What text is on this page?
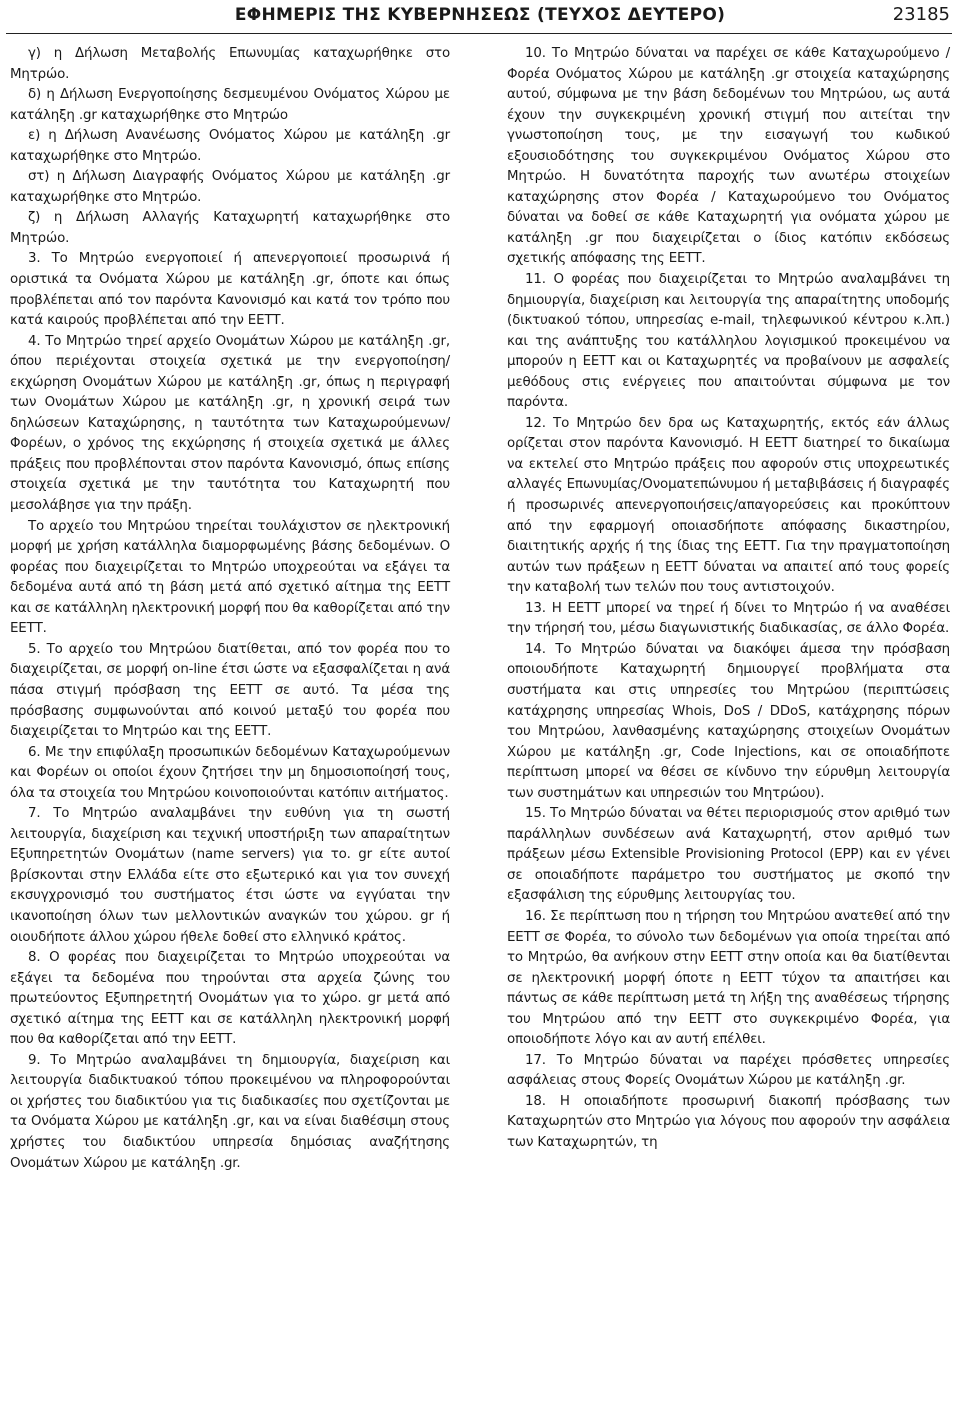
ΕΦΗΜΕΡΙΣ ΤΗΣ ΚΥΒΕΡΝΗΣΕΩΣ (ΤΕΥΧΟΣ ΔΕΥΤΕΡΟ)	23185

γ) η Δήλωση Μεταβολής Επωνυμίας καταχωρήθηκε στο Μητρώο.

δ) η Δήλωση Ενεργοποίησης δεσμευμένου Ονόματος Χώρου με κατάληξη .gr καταχωρήθηκε στο Μητρώο

ε) η Δήλωση Ανανέωσης Ονόματος Χώρου με κατάληξη .gr καταχωρήθηκε στο Μητρώο.

στ) η Δήλωση Διαγραφής Ονόματος Χώρου με κατάληξη .gr καταχωρήθηκε στο Μητρώο.

ζ) η Δήλωση Αλλαγής Καταχωρητή καταχωρήθηκε στο Μητρώο.

3. Το Μητρώο ενεργοποιεί ή απενεργοποιεί προσωρινά ή οριστικά τα Ονόματα Χώρου με κατάληξη .gr, όποτε και όπως προβλέπεται από τον παρόντα Κανονισμό και κατά τον τρόπο που κατά καιρούς προβλέπεται από την ΕΕΤΤ.

4. Το Μητρώο τηρεί αρχείο Ονομάτων Χώρου με κατάληξη .gr, όπου περιέχονται στοιχεία σχετικά με την ενεργοποίηση/εκχώρηση Ονομάτων Χώρου με κατάληξη .gr, όπως η περιγραφή των Ονομάτων Χώρου με κατάληξη .gr, η χρονική σειρά των δηλώσεων Καταχώρησης, η ταυτότητα των Καταχωρούμενων/Φορέων, ο χρόνος της εκχώρησης ή στοιχεία σχετικά με άλλες πράξεις που προβλέπονται στον παρόντα Κανονισμό, όπως επίσης στοιχεία σχετικά με την ταυτότητα του Καταχωρητή που μεσολάβησε για την πράξη.

Το αρχείο του Μητρώου τηρείται τουλάχιστον σε ηλεκτρονική μορφή με χρήση κατάλληλα διαμορφωμένης βάσης δεδομένων. Ο φορέας που διαχειρίζεται το Μητρώο υποχρεούται να εξάγει τα δεδομένα αυτά από τη βάση μετά από σχετικό αίτημα της ΕΕΤΤ και σε κατάλληλη ηλεκτρονική μορφή που θα καθορίζεται από την ΕΕΤΤ.

5. Το αρχείο του Μητρώου διατίθεται, από τον φορέα που το διαχειρίζεται, σε μορφή on-line έτσι ώστε να εξασφαλίζεται η ανά πάσα στιγμή πρόσβαση της ΕΕΤΤ σε αυτό. Τα μέσα της πρόσβασης συμφωνούνται από κοινού μεταξύ του φορέα που διαχειρίζεται το Μητρώο και της ΕΕΤΤ.

6. Με την επιφύλαξη προσωπικών δεδομένων Καταχωρούμενων και Φορέων οι οποίοι έχουν ζητήσει την μη δημοσιοποίησή τους, όλα τα στοιχεία του Μητρώου κοινοποιούνται κατόπιν αιτήματος.

7. Το Μητρώο αναλαμβάνει την ευθύνη για τη σωστή λειτουργία, διαχείριση και τεχνική υποστήριξη των απαραίτητων Εξυπηρετητών Ονομάτων (name servers) για το. gr είτε αυτοί βρίσκονται στην Ελλάδα είτε στο εξωτερικό και για τον συνεχή εκσυγχρονισμό του συστήματος έτσι ώστε να εγγύαται την ικανοποίηση όλων των μελλοντικών αναγκών του χώρου. gr ή οιουδήποτε άλλου χώρου ήθελε δοθεί στο ελληνικό κράτος.

8. Ο φορέας που διαχειρίζεται το Μητρώο υποχρεούται να εξάγει τα δεδομένα που τηρούνται στα αρχεία ζώνης του πρωτεύοντος Εξυπηρετητή Ονομάτων για το χώρο. gr μετά από σχετικό αίτημα της ΕΕΤΤ και σε κατάλληλη ηλεκτρονική μορφή που θα καθορίζεται από την ΕΕΤΤ.

9. Το Μητρώο αναλαμβάνει τη δημιουργία, διαχείριση και λειτουργία διαδικτυακού τόπου προκειμένου να πληροφορούνται οι χρήστες του διαδικτύου για τις διαδικασίες που σχετίζονται με τα Ονόματα Χώρου με κατάληξη .gr, και να είναι διαθέσιμη στους χρήστες του διαδικτύου υπηρεσία δημόσιας αναζήτησης Ονομάτων Χώρου με κατάληξη .gr.

10. Το Μητρώο δύναται να παρέχει σε κάθε Καταχωρούμενο / Φορέα Ονόματος Χώρου με κατάληξη .gr στοιχεία καταχώρησης αυτού, σύμφωνα με την βάση δεδομένων του Μητρώου, ως αυτά έχουν την συγκεκριμένη χρονική στιγμή που αιτείται την γνωστοποίηση τους, με την εισαγωγή του κωδικού εξουσιοδότησης του συγκεκριμένου Ονόματος Χώρου στο Μητρώο. Η δυνατότητα παροχής των ανωτέρω στοιχείων καταχώρησης στον Φορέα / Καταχωρούμενο του Ονόματος δύναται να δοθεί σε κάθε Καταχωρητή για ονόματα χώρου με κατάληξη .gr που διαχειρίζεται ο ίδιος κατόπιν εκδόσεως σχετικής απόφασης της ΕΕΤΤ.

11. Ο φορέας που διαχειρίζεται το Μητρώο αναλαμβάνει τη δημιουργία, διαχείριση και λειτουργία της απαραίτητης υποδομής (δικτυακού τόπου, υπηρεσίας e-mail, τηλεφωνικού κέντρου κ.λπ.) και της ανάπτυξης του κατάλληλου λογισμικού προκειμένου να μπορούν η ΕΕΤΤ και οι Καταχωρητές να προβαίνουν με ασφαλείς μεθόδους στις ενέργειες που απαιτούνται σύμφωνα με τον παρόντα.

12. Το Μητρώο δεν δρα ως Καταχωρητής, εκτός εάν άλλως ορίζεται στον παρόντα Κανονισμό. Η ΕΕΤΤ διατηρεί το δικαίωμα να εκτελεί στο Μητρώο πράξεις που αφορούν στις υποχρεωτικές αλλαγές Επωνυμίας/Ονοματεπώνυμου ή μεταβιβάσεις ή διαγραφές ή προσωρινές απενεργοποιήσεις/απαγορεύσεις και προκύπτουν από την εφαρμογή οποιασδήποτε απόφασης δικαστηρίου, διαιτητικής αρχής ή της ίδιας της ΕΕΤΤ. Για την πραγματοποίηση αυτών των πράξεων η ΕΕΤΤ δύναται να απαιτεί από τους φορείς την καταβολή των τελών που τους αντιστοιχούν.

13. Η ΕΕΤΤ μπορεί να τηρεί ή δίνει το Μητρώο ή να αναθέσει την τήρησή του, μέσω διαγωνιστικής διαδικασίας, σε άλλο Φορέα.

14. Το Μητρώο δύναται να διακόψει άμεσα την πρόσβαση οποιουδήποτε Καταχωρητή δημιουργεί προβλήματα στα συστήματα και στις υπηρεσίες του Μητρώου (περιπτώσεις κατάχρησης υπηρεσίας Whois, DoS / DDoS, κατάχρησης πόρων του Μητρώου, λανθασμένης καταχώρησης στοιχείων Ονομάτων Χώρου με κατάληξη .gr, Code Injections, και σε οποιαδήποτε περίπτωση μπορεί να θέσει σε κίνδυνο την εύρυθμη λειτουργία των συστημάτων και υπηρεσιών του Μητρώου).

15. Το Μητρώο δύναται να θέτει περιορισμούς στον αριθμό των παράλληλων συνδέσεων ανά Καταχωρητή, στον αριθμό των πράξεων μέσω Extensible Provisioning Protocol (EPP) και εν γένει σε οποιαδήποτε παράμετρο του συστήματος με σκοπό την εξασφάλιση της εύρυθμης λειτουργίας του.

16. Σε περίπτωση που η τήρηση του Μητρώου ανατεθεί από την ΕΕΤΤ σε Φορέα, το σύνολο των δεδομένων για οποία τηρείται από το Μητρώο, θα ανήκουν στην ΕΕΤΤ στην οποία και θα διατίθενται σε ηλεκτρονική μορφή όποτε η ΕΕΤΤ τύχον τα απαιτήσει και πάντως σε κάθε περίπτωση μετά τη λήξη της αναθέσεως τήρησης του Μητρώου από την ΕΕΤΤ στο συγκεκριμένο Φορέα, για οποιοδήποτε λόγο και αν αυτή επέλθει.

17. Το Μητρώο δύναται να παρέχει πρόσθετες υπηρεσίες ασφάλειας στους Φορείς Ονομάτων Χώρου με κατάληξη .gr.

18. Η οποιαδήποτε προσωρινή διακοπή πρόσβασης των Καταχωρητών στο Μητρώο για λόγους που αφορούν την ασφάλεια των Καταχωρητών, τη
